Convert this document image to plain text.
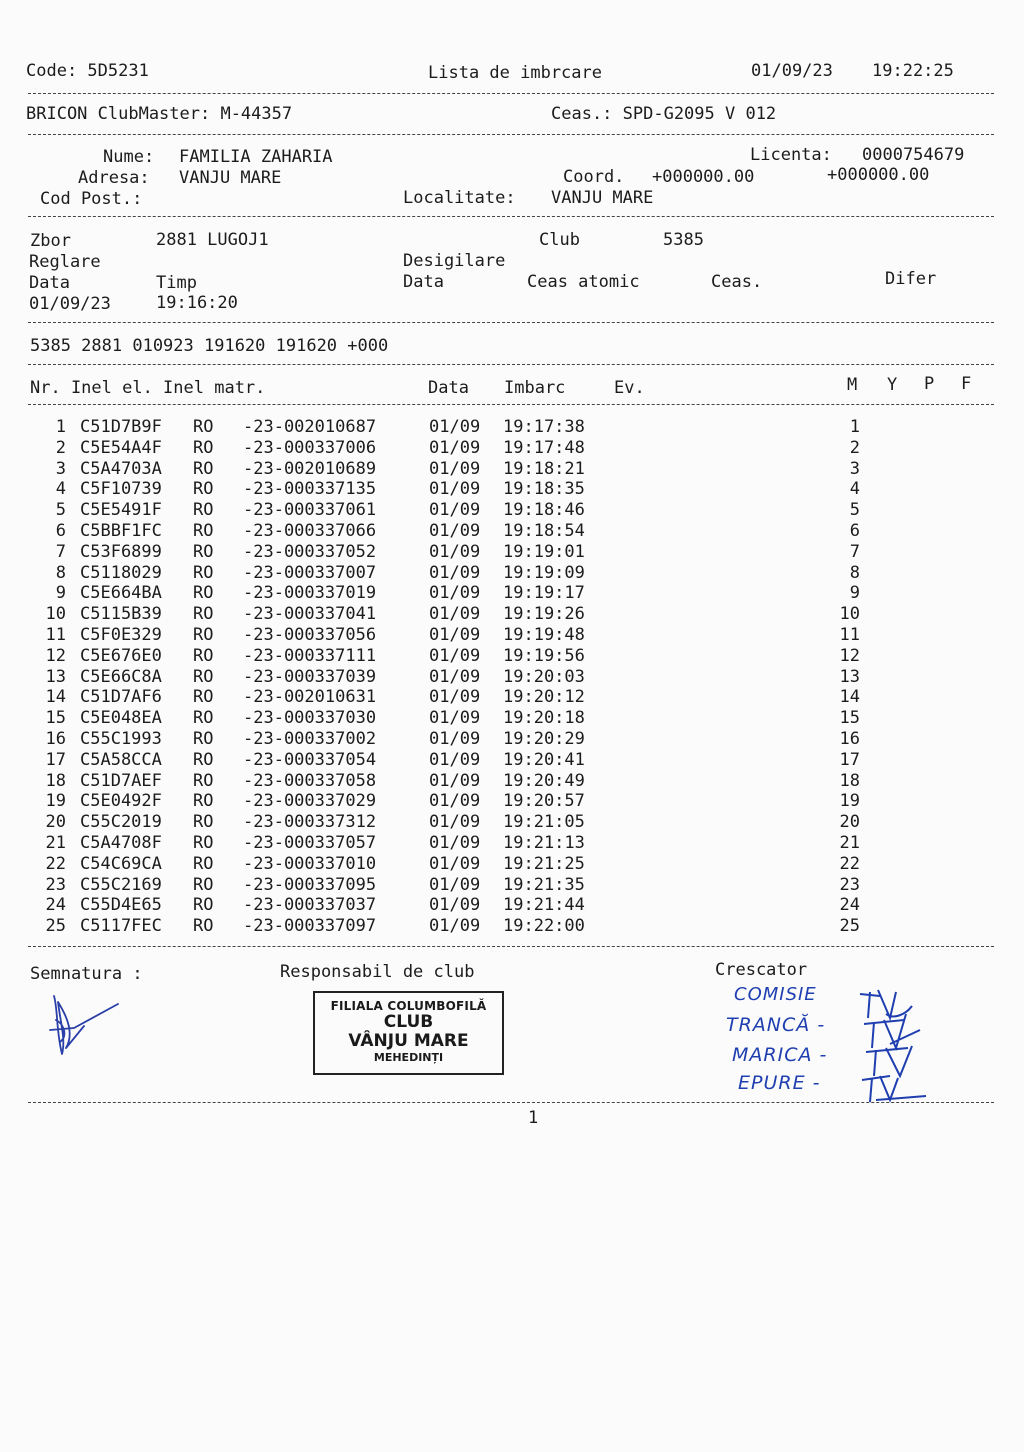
Code: 5D5231	Lista de imbrcare	01/09/23 19:22:25
BRICON ClubMaster: M-44357	Ceas.: SPD-G2095 V 012
Nume: FAMILIA ZAHARIA	Licenta: 0000754679
Adresa: VANJU MARE	Coord. +000000.00	+000000.00
Cod Post.:	Localitate: VANJU MARE
Zbor	2881 LUGOJ1	Club	5385
Reglare	Desigilare
Data	Timp	Data	Ceas atomic	Ceas.	Difer
01/09/23	19:16:20
5385 2881 010923 191620 191620 +000
Nr. Inel el. Inel matr.	Data Imbarc	Ev.	M Y P F
1 C51D7B9F RO -23-002010687	01/09 19:17:38	1
2 C5E54A4F RO -23-000337006	01/09 19:17:48	2
3 C5A4703A RO -23-002010689	01/09 19:18:21	3
4 C5F10739 RO -23-000337135	01/09 19:18:35	4
5 C5E5491F RO -23-000337061	01/09 19:18:46	5
6 C5BBF1FC RO -23-000337066	01/09 19:18:54	6
7 C53F6899 RO -23-000337052	01/09 19:19:01	7
8 C5118029 RO -23-000337007	01/09 19:19:09	8
9 C5E664BA RO -23-000337019	01/09 19:19:17	9
10 C5115B39 RO -23-000337041	01/09 19:19:26	10
11 C5F0E329 RO -23-000337056	01/09 19:19:48	11
12 C5E676E0 RO -23-000337111	01/09 19:19:56	12
13 C5E66C8A RO -23-000337039	01/09 19:20:03	13
14 C51D7AF6 RO -23-002010631	01/09 19:20:12	14
15 C5E048EA RO -23-000337030	01/09 19:20:18	15
16 C55C1993 RO -23-000337002	01/09 19:20:29	16
17 C5A58CCA RO -23-000337054	01/09 19:20:41	17
18 C51D7AEF RO -23-000337058	01/09 19:20:49	18
19 C5E0492F RO -23-000337029	01/09 19:20:57	19
20 C55C2019 RO -23-000337312	01/09 19:21:05	20
21 C5A4708F RO -23-000337057	01/09 19:21:13	21
22 C54C69CA RO -23-000337010	01/09 19:21:25	22
23 C55C2169 RO -23-000337095	01/09 19:21:35	23
24 C55D4E65 RO -23-000337037	01/09 19:21:44	24
25 C5117FEC RO -23-000337097	01/09 19:22:00	25
Semnatura :	Responsabil de club	Crescator
FILIALA COLUMBOFILĂ
CLUB
VÂNJU MARE
MEHEDINȚI
COMISIE
TRANCĂ -
MARICA -
EPURE -
1
